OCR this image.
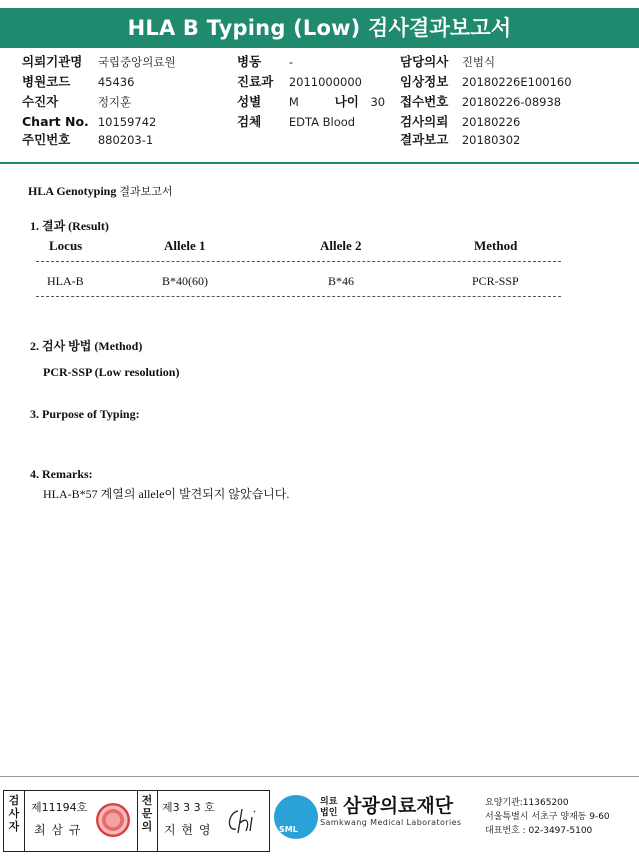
HLA B Typing (Low) 검사결과보고서
의뢰기관명 국립중앙의료원
병원코드 45436
수진자	정지훈
Chart No. 10159742
주민번호 880203-1
병동 -
진료과 2011000000
성별 M	나이 30
검체 EDTA Blood
담당의사 진범식
임상정보 20180226E100160
접수번호 20180226-08938
검사의뢰 20180226
결과보고 20180302
HLA Genotyping 결과보고서
1. 결과 (Result)
Locus	Allele 1	Allele 2	Method
HLA-B	B*40(60)	B*46	PCR-SSP
2. 검사 방법 (Method)
PCR-SSP (Low resolution)
3. Purpose of Typing:
4. Remarks:
HLA-B*57 계열의 allele이 발견되지 않았습니다.
검
사
자
제11194호
최 삼 규
전
문
의
제3 3 3 호
지 현 영	SML
의료
법인 삼광의료재단
Samkwang Medical Laboratories
요양기관:11365200
서울특별시 서초구 양재동 9-60
대표번호 : 02-3497-5100
